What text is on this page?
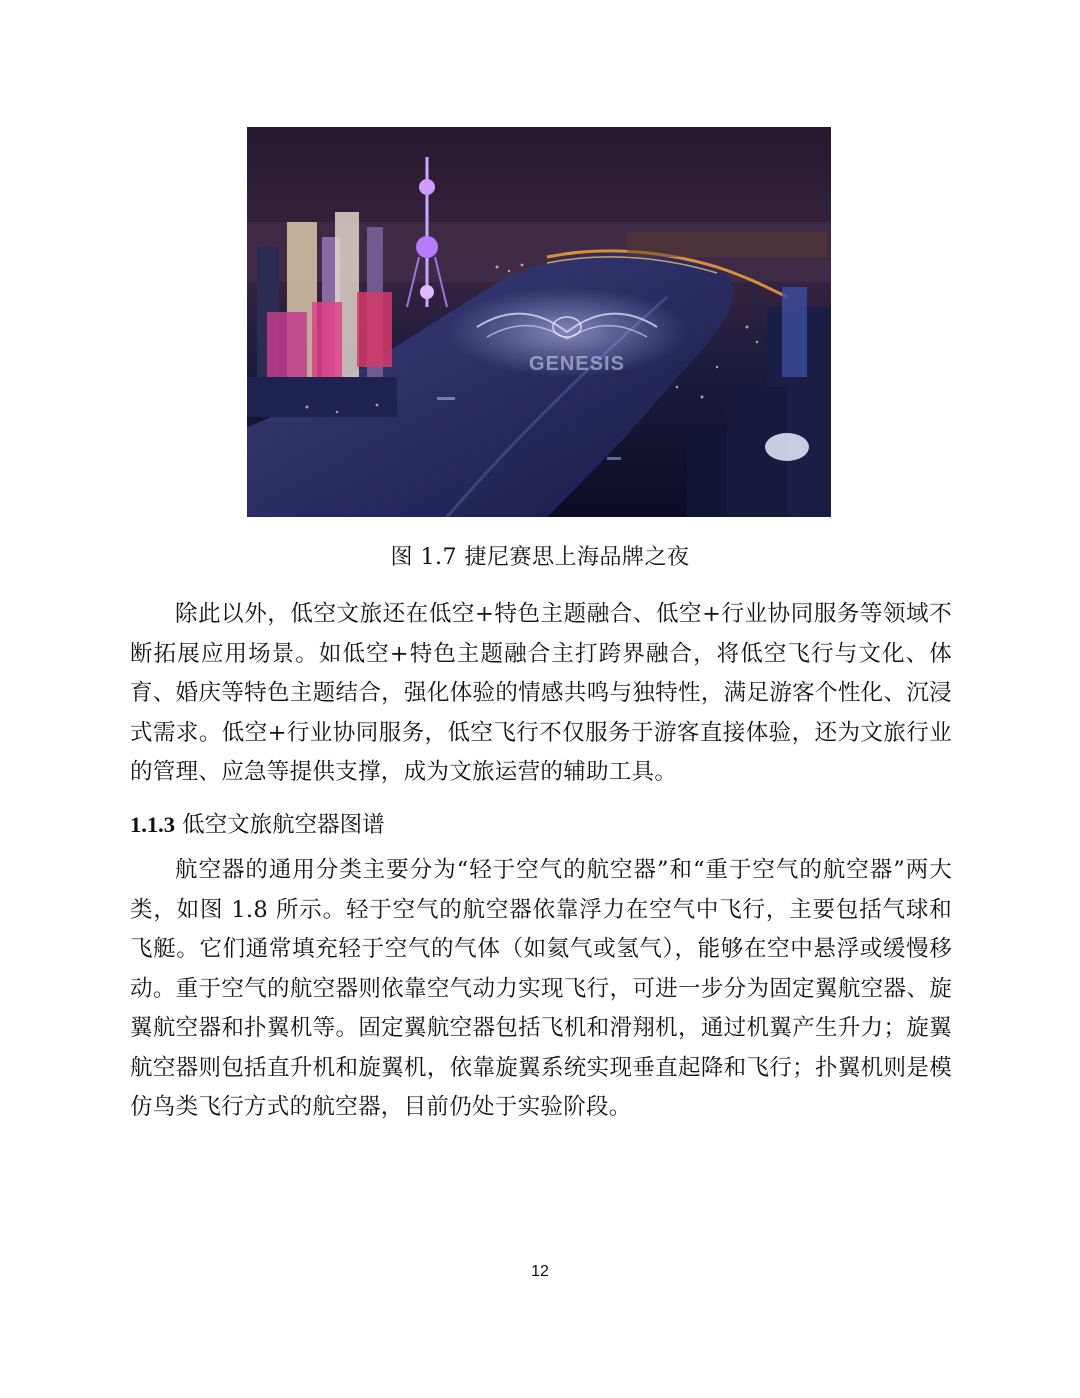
GENESIS
图 1.7 捷尼赛思上海品牌之夜

除此以外，低空文旅还在低空+特色主题融合、低空+行业协同服务等领域不断拓展应用场景。如低空+特色主题融合主打跨界融合，将低空飞行与文化、体育、婚庆等特色主题结合，强化体验的情感共鸣与独特性，满足游客个性化、沉浸式需求。低空+行业协同服务，低空飞行不仅服务于游客直接体验，还为文旅行业的管理、应急等提供支撑，成为文旅运营的辅助工具。

1.1.3 低空文旅航空器图谱

航空器的通用分类主要分为“轻于空气的航空器”和“重于空气的航空器”两大类，如图 1.8 所示。轻于空气的航空器依靠浮力在空气中飞行，主要包括气球和飞艇。它们通常填充轻于空气的气体（如氦气或氢气），能够在空中悬浮或缓慢移动。重于空气的航空器则依靠空气动力实现飞行，可进一步分为固定翼航空器、旋翼航空器和扑翼机等。固定翼航空器包括飞机和滑翔机，通过机翼产生升力；旋翼航空器则包括直升机和旋翼机，依靠旋翼系统实现垂直起降和飞行；扑翼机则是模仿鸟类飞行方式的航空器，目前仍处于实验阶段。

12
